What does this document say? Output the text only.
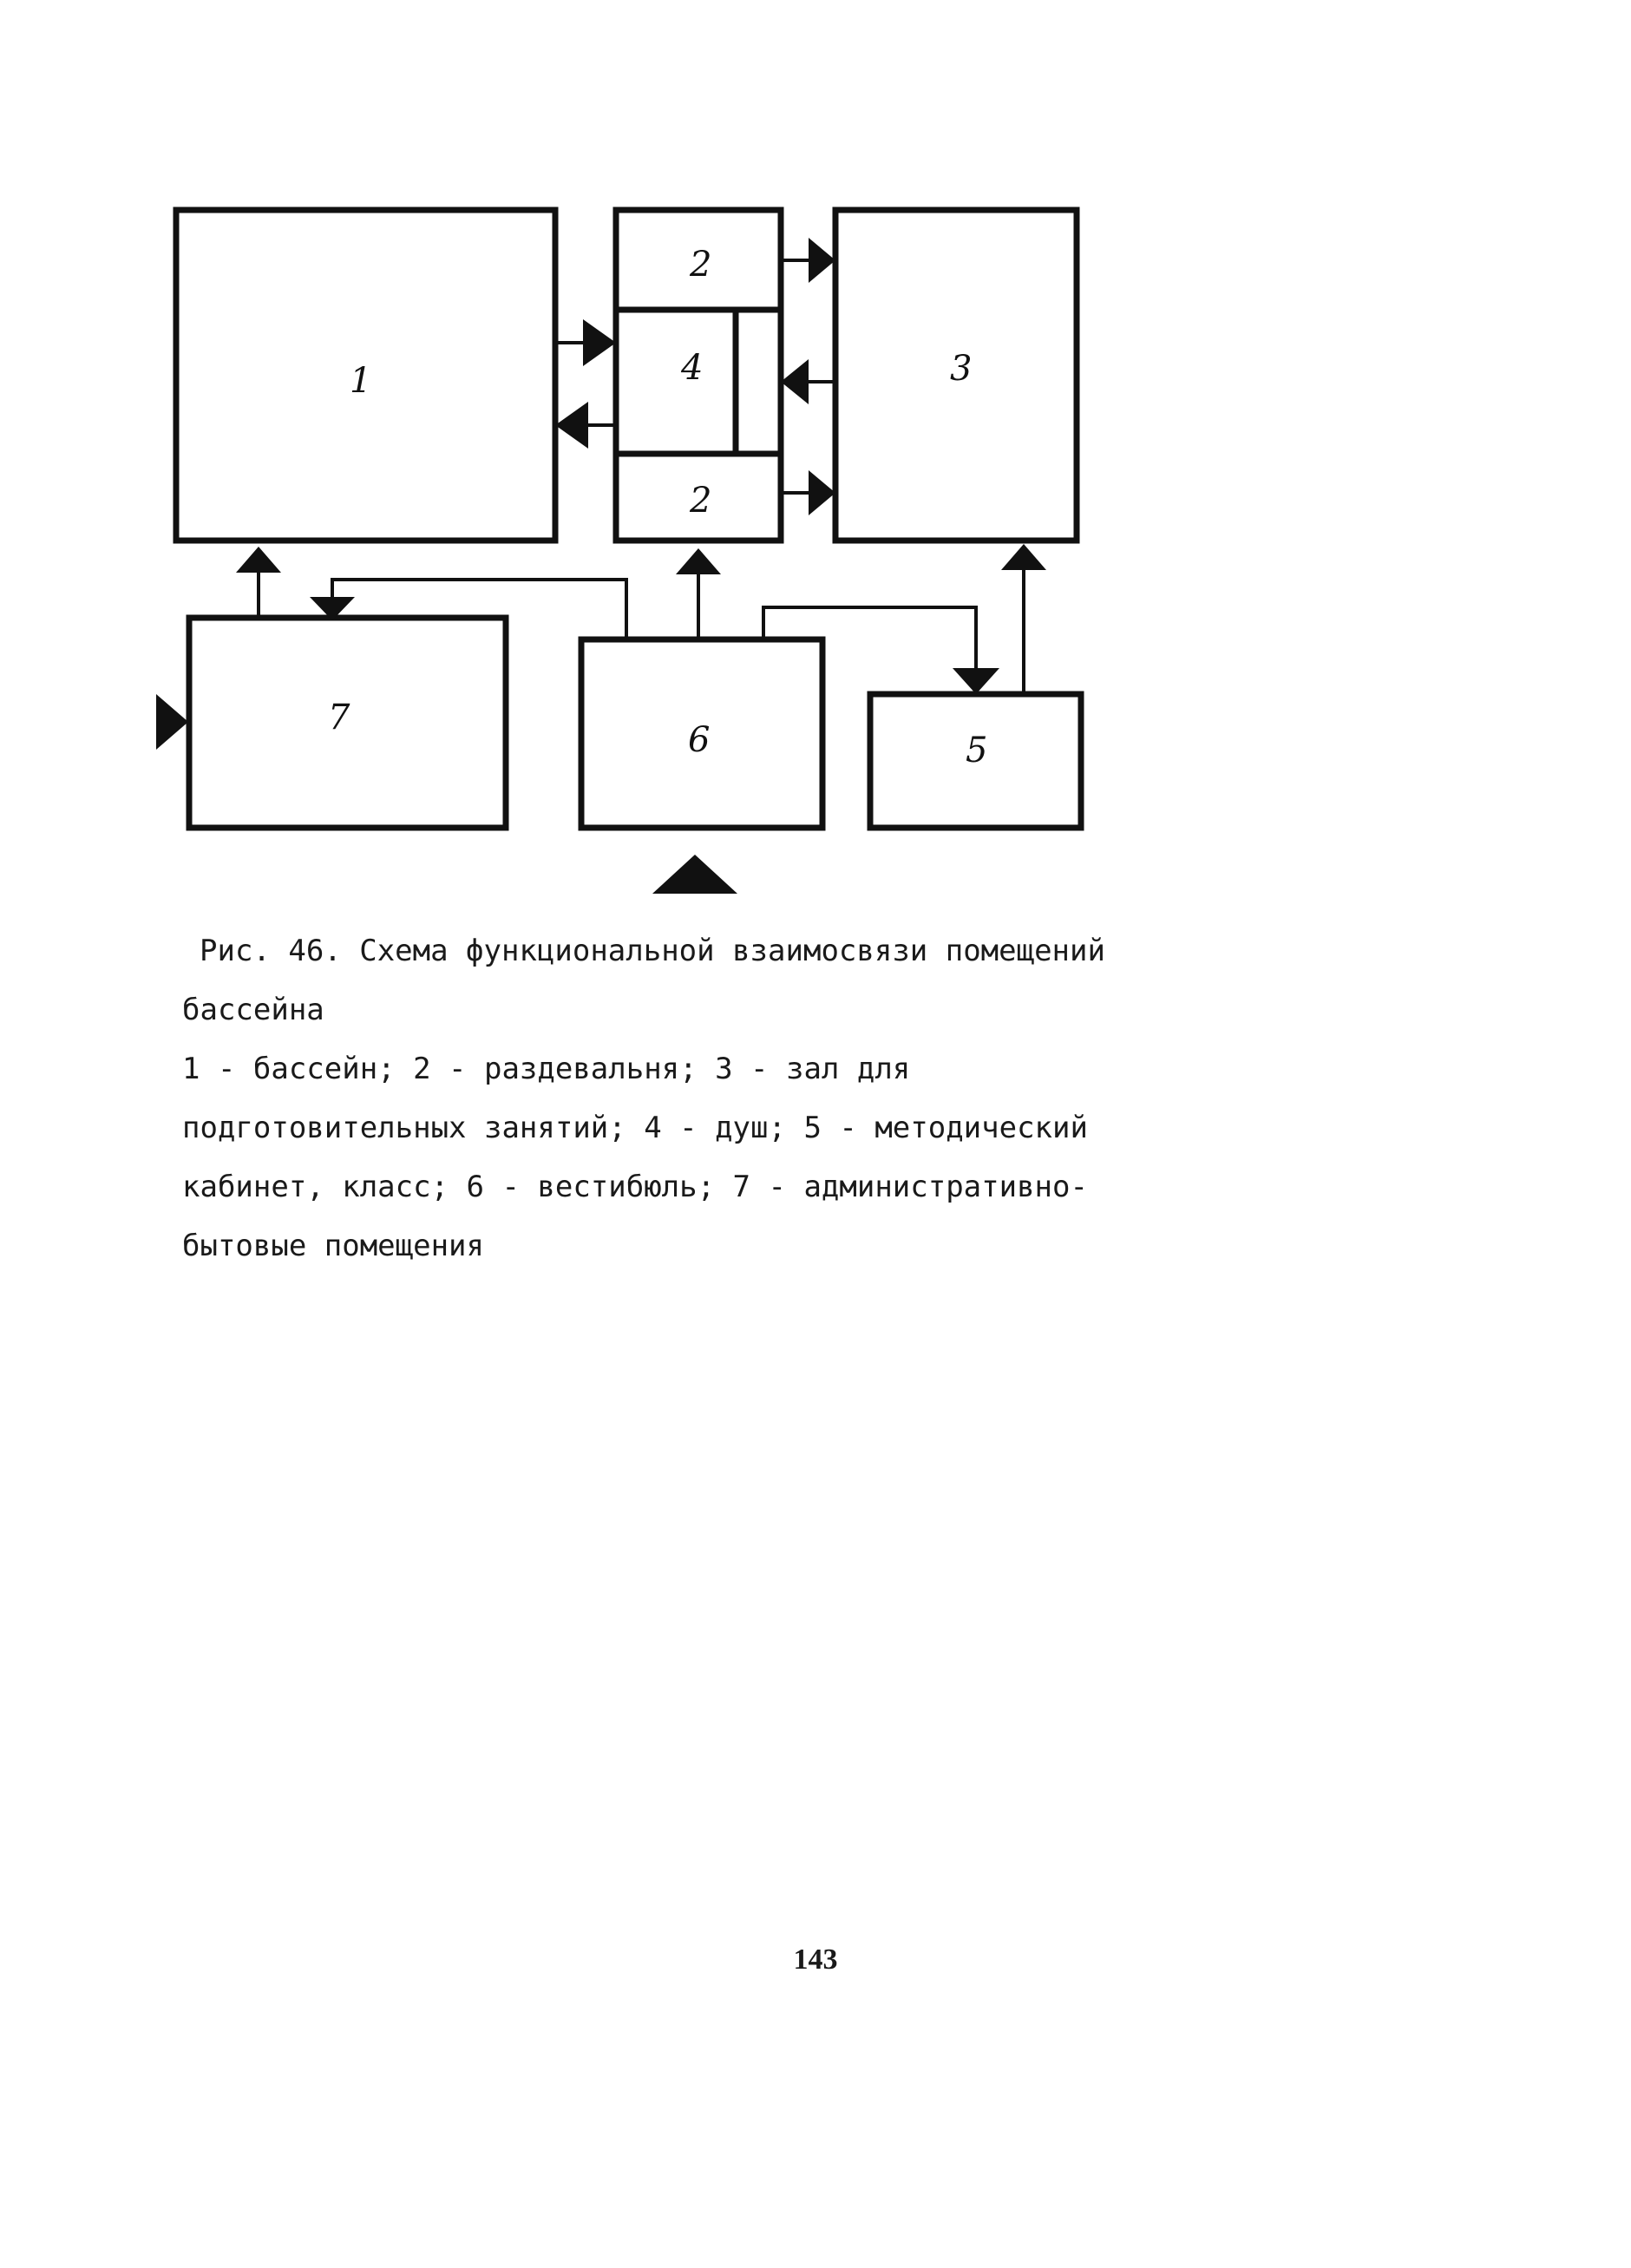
1
2
4
2
3
7
6	5

Рис. 46. Схема функциональной взаимосвязи помещений бассейна

1 - бассейн; 2 - раздевальня; 3 - зал для подготовительных занятий; 4 - душ; 5 - методический кабинет, класс; 6 - вестибюль; 7 - административно-бытовые помещения

143
